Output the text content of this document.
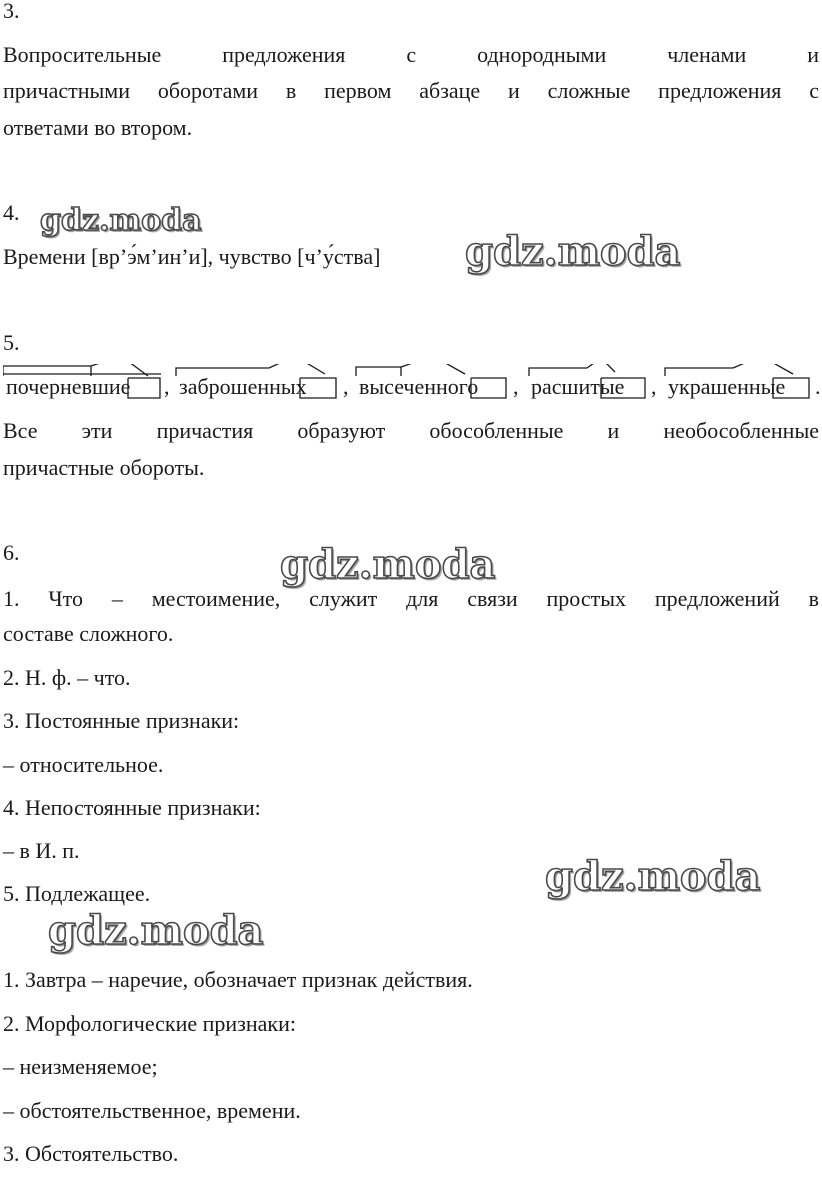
3.
Вопросительные предложения с однородными членами и
причастными оборотами в первом абзаце и сложные предложения с
ответами во втором.
4.
Времени [вр’э́м’ин’и], чувство [ч’у́ства]
5.
почерневшие , заброшенных , высеченного , расшитые , украшенные .
Все эти причастия образуют обособленные и необособленные
причастные обороты.
6.
1. Что – местоимение, служит для связи простых предложений в
составе сложного.
2. Н. ф. – что.
3. Постоянные признаки:
– относительное.
4. Непостоянные признаки:
– в И. п.
5. Подлежащее.
1. Завтра – наречие, обозначает признак действия.
2. Морфологические признаки:
– неизменяемое;
– обстоятельственное, времени.
3. Обстоятельство.
gdz.moda
gdz.moda
gdz.moda
gdz.moda
gdz.moda
